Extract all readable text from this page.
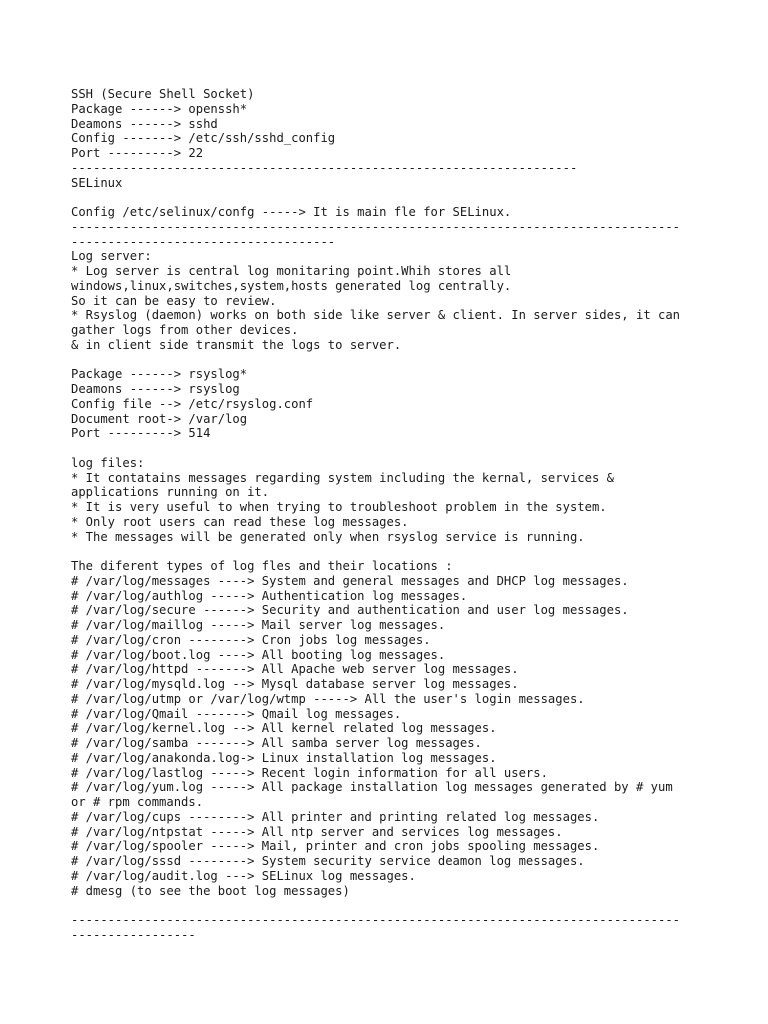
SSH (Secure Shell Socket)
Package ------> openssh*
Deamons ------> sshd
Config -------> /etc/ssh/sshd_config
Port ---------> 22
---------------------------------------------------------------------
SELinux
Config /etc/selinux/confg -----> It is main fle for SELinux.
-----------------------------------------------------------------------------------
------------------------------------
Log server:
* Log server is central log monitaring point.Whih stores all
windows,linux,switches,system,hosts generated log centrally.
So it can be easy to review.
* Rsyslog (daemon) works on both side like server & client. In server sides, it can
gather logs from other devices.
& in client side transmit the logs to server.
Package ------> rsyslog*
Deamons ------> rsyslog
Config file --> /etc/rsyslog.conf
Document root-> /var/log
Port ---------> 514
log files:
* It contatains messages regarding system including the kernal, services &
applications running on it.
* It is very useful to when trying to troubleshoot problem in the system.
* Only root users can read these log messages.
* The messages will be generated only when rsyslog service is running.
The diferent types of log fles and their locations :
# /var/log/messages ----> System and general messages and DHCP log messages.
# /var/log/authlog -----> Authentication log messages.
# /var/log/secure ------> Security and authentication and user log messages.
# /var/log/maillog -----> Mail server log messages.
# /var/log/cron --------> Cron jobs log messages.
# /var/log/boot.log ----> All booting log messages.
# /var/log/httpd -------> All Apache web server log messages.
# /var/log/mysqld.log --> Mysql database server log messages.
# /var/log/utmp or /var/log/wtmp -----> All the user's login messages.
# /var/log/Qmail -------> Qmail log messages.
# /var/log/kernel.log --> All kernel related log messages.
# /var/log/samba -------> All samba server log messages.
# /var/log/anakonda.log-> Linux installation log messages.
# /var/log/lastlog -----> Recent login information for all users.
# /var/log/yum.log -----> All package installation log messages generated by # yum
or # rpm commands.
# /var/log/cups --------> All printer and printing related log messages.
# /var/log/ntpstat -----> All ntp server and services log messages.
# /var/log/spooler -----> Mail, printer and cron jobs spooling messages.
# /var/log/sssd --------> System security service deamon log messages.
# /var/log/audit.log ---> SELinux log messages.
# dmesg (to see the boot log messages)
-----------------------------------------------------------------------------------
-----------------
